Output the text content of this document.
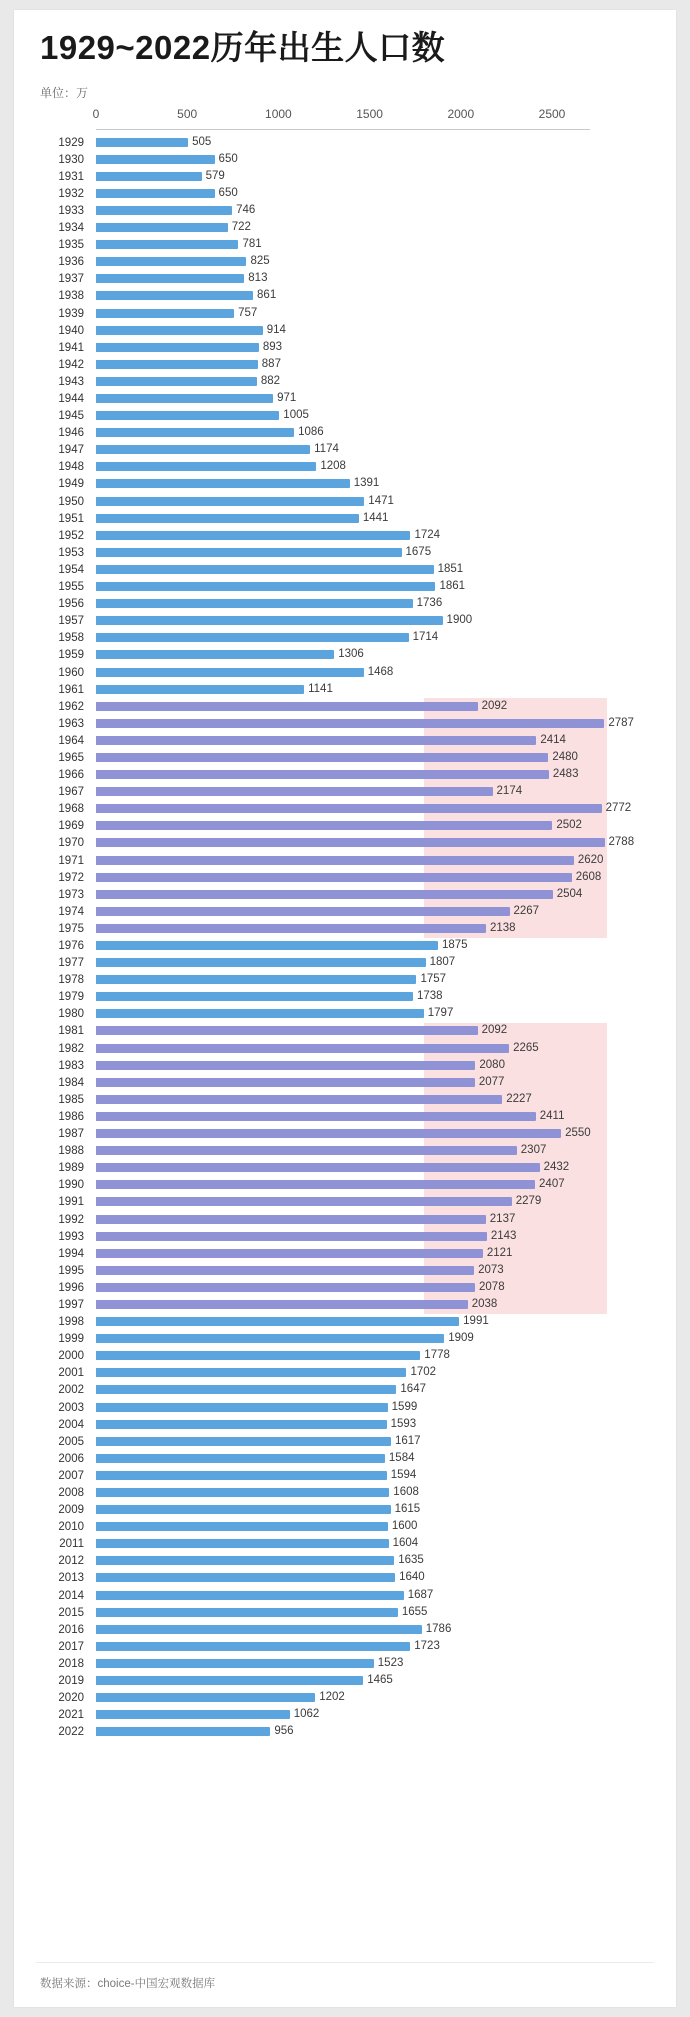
1929~2022历年出生人口数
单位：万
0	500	1000	1500	2000	2500
1929	505
1930	650
1931	579
1932	650
1933	746
1934	722
1935	781
1936	825
1937	813
1938	861
1939	757
1940	914
1941	893
1942	887
1943	882
1944	971
1945	1005
1946	1086
1947	1174
1948	1208
1949	1391
1950	1471
1951	1441
1952	1724
1953	1675
1954	1851
1955	1861
1956	1736
1957	1900
1958	1714
1959	1306
1960	1468
1961	1141
1962	2092
1963	2787
1964	2414
1965	2480
1966	2483
1967	2174
1968	2772
1969	2502
1970	2788
1971	2620
1972	2608
1973	2504
1974	2267
1975	2138
1976	1875
1977	1807
1978	1757
1979	1738
1980	1797
1981	2092
1982	2265
1983	2080
1984	2077
1985	2227
1986	2411
1987	2550
1988	2307
1989	2432
1990	2407
1991	2279
1992	2137
1993	2143
1994	2121
1995	2073
1996	2078
1997	2038
1998	1991
1999	1909
2000	1778
2001	1702
2002	1647
2003	1599
2004	1593
2005	1617
2006	1584
2007	1594
2008	1608
2009	1615
2010	1600
2011	1604
2012	1635
2013	1640
2014	1687
2015	1655
2016	1786
2017	1723
2018	1523
2019	1465
2020	1202
2021	1062
2022	956
数据来源：choice-中国宏观数据库
